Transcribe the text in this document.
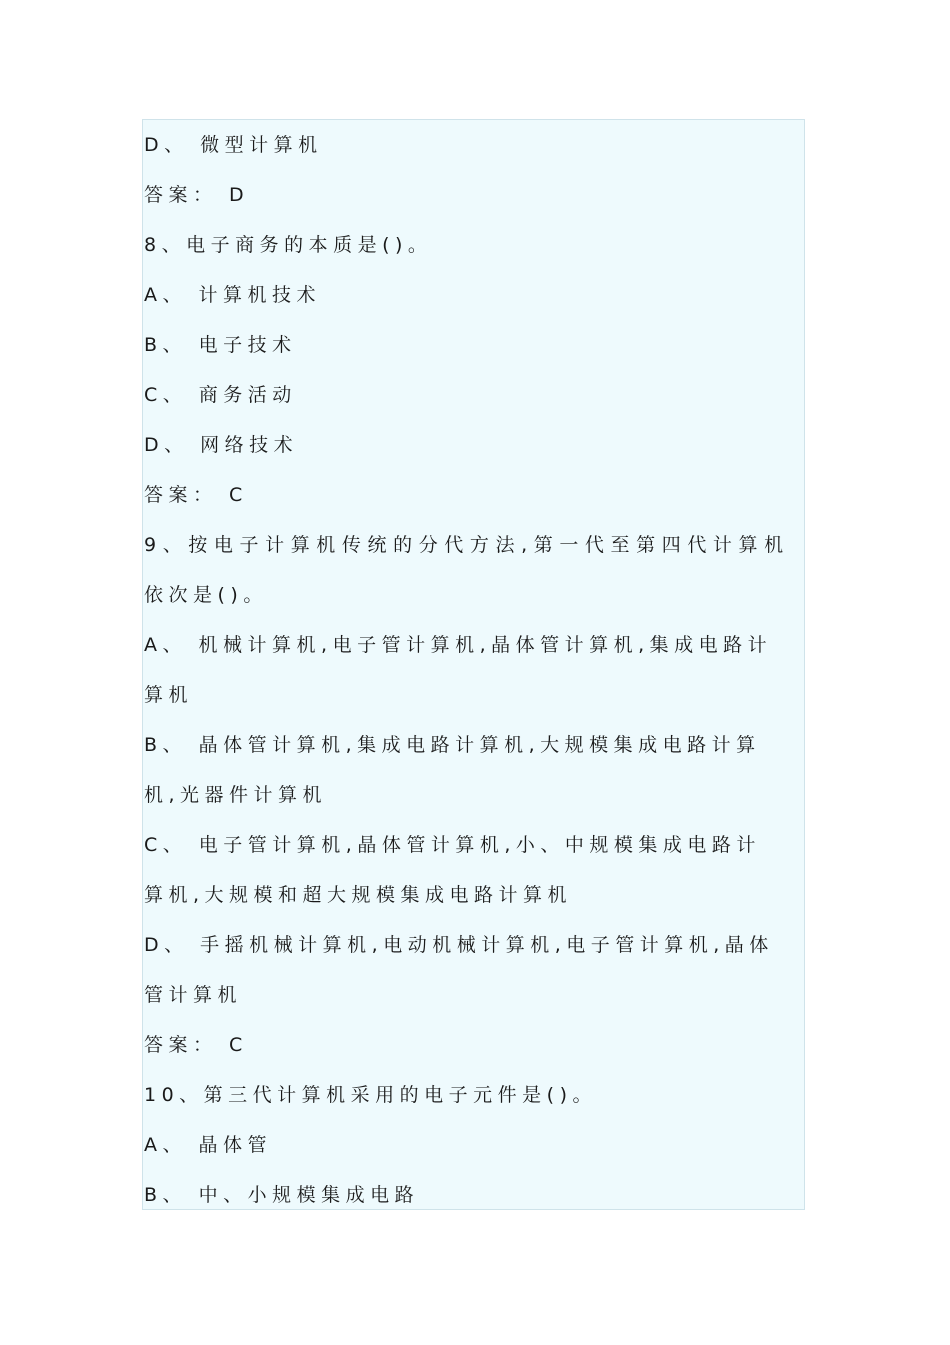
D、 微型计算机
答案： D
8、电子商务的本质是()。
A、 计算机技术
B、 电子技术
C、 商务活动
D、 网络技术
答案： C
9、按电子计算机传统的分代方法,第一代至第四代计算机
依次是()。
A、 机械计算机,电子管计算机,晶体管计算机,集成电路计
算机
B、 晶体管计算机,集成电路计算机,大规模集成电路计算
机,光器件计算机
C、 电子管计算机,晶体管计算机,小、中规模集成电路计
算机,大规模和超大规模集成电路计算机
D、 手摇机械计算机,电动机械计算机,电子管计算机,晶体
管计算机
答案： C
10、第三代计算机采用的电子元件是()。
A、 晶体管
B、 中、小规模集成电路
